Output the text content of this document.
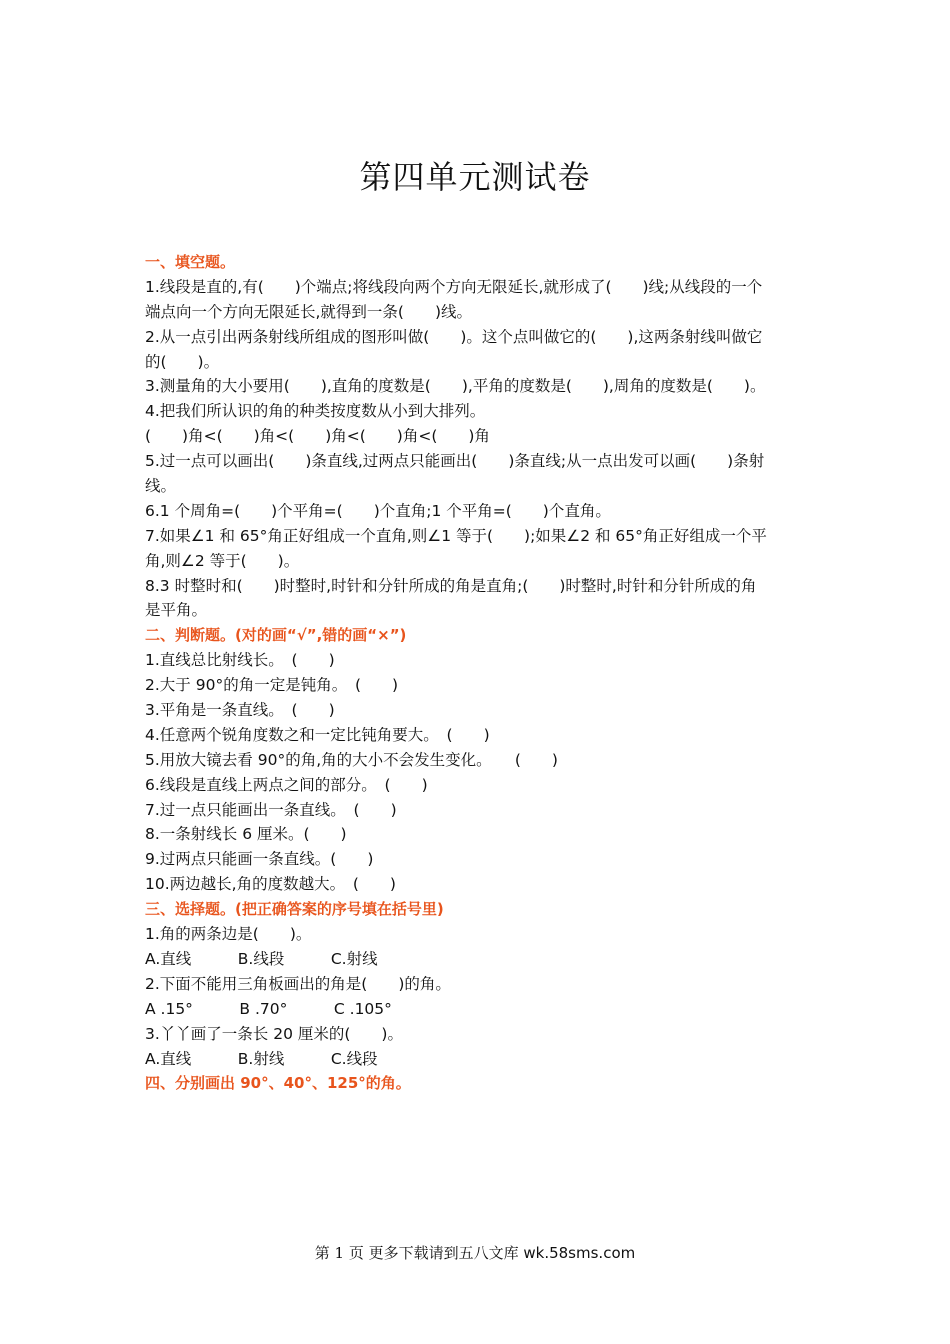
第四单元测试卷
一、填空题。
1.线段是直的,有(　　)个端点;将线段向两个方向无限延长,就形成了(　　)线;从线段的一个
端点向一个方向无限延长,就得到一条(　　)线。
2.从一点引出两条射线所组成的图形叫做(　　)。这个点叫做它的(　　),这两条射线叫做它
的(　　)。
3.测量角的大小要用(　　),直角的度数是(　　),平角的度数是(　　),周角的度数是(　　)。
4.把我们所认识的角的种类按度数从小到大排列。
(　　)角<(　　)角<(　　)角<(　　)角<(　　)角
5.过一点可以画出(　　)条直线,过两点只能画出(　　)条直线;从一点出发可以画(　　)条射
线。
6.1 个周角=(　　)个平角=(　　)个直角;1 个平角=(　　)个直角。
7.如果∠1 和 65°角正好组成一个直角,则∠1 等于(　　);如果∠2 和 65°角正好组成一个平
角,则∠2 等于(　　)。
8.3 时整时和(　　)时整时,时针和分针所成的角是直角;(　　)时整时,时针和分针所成的角
是平角。
二、判断题。(对的画“√”,错的画“×”)
1.直线总比射线长。　(　　)
2.大于 90°的角一定是钝角。　(　　)
3.平角是一条直线。　(　　)
4.任意两个锐角度数之和一定比钝角要大。　(　　)
5.用放大镜去看 90°的角,角的大小不会发生变化。　　(　　)
6.线段是直线上两点之间的部分。　(　　)
7.过一点只能画出一条直线。　(　　)
8.一条射线长 6 厘米。(　　)
9.过两点只能画一条直线。(　　)
10.两边越长,角的度数越大。　(　　)
三、选择题。(把正确答案的序号填在括号里)
1.角的两条边是(　　)。
A.直线　　　B.线段　　　C.射线
2.下面不能用三角板画出的角是(　　)的角。
A .15°　　　B .70°　　　C .105°
3.丫丫画了一条长 20 厘米的(　　)。
A.直线　　　B.射线　　　C.线段
四、分别画出 90°、40°、125°的角。
第 1 页 更多下载请到五八文库 wk.58sms.com
